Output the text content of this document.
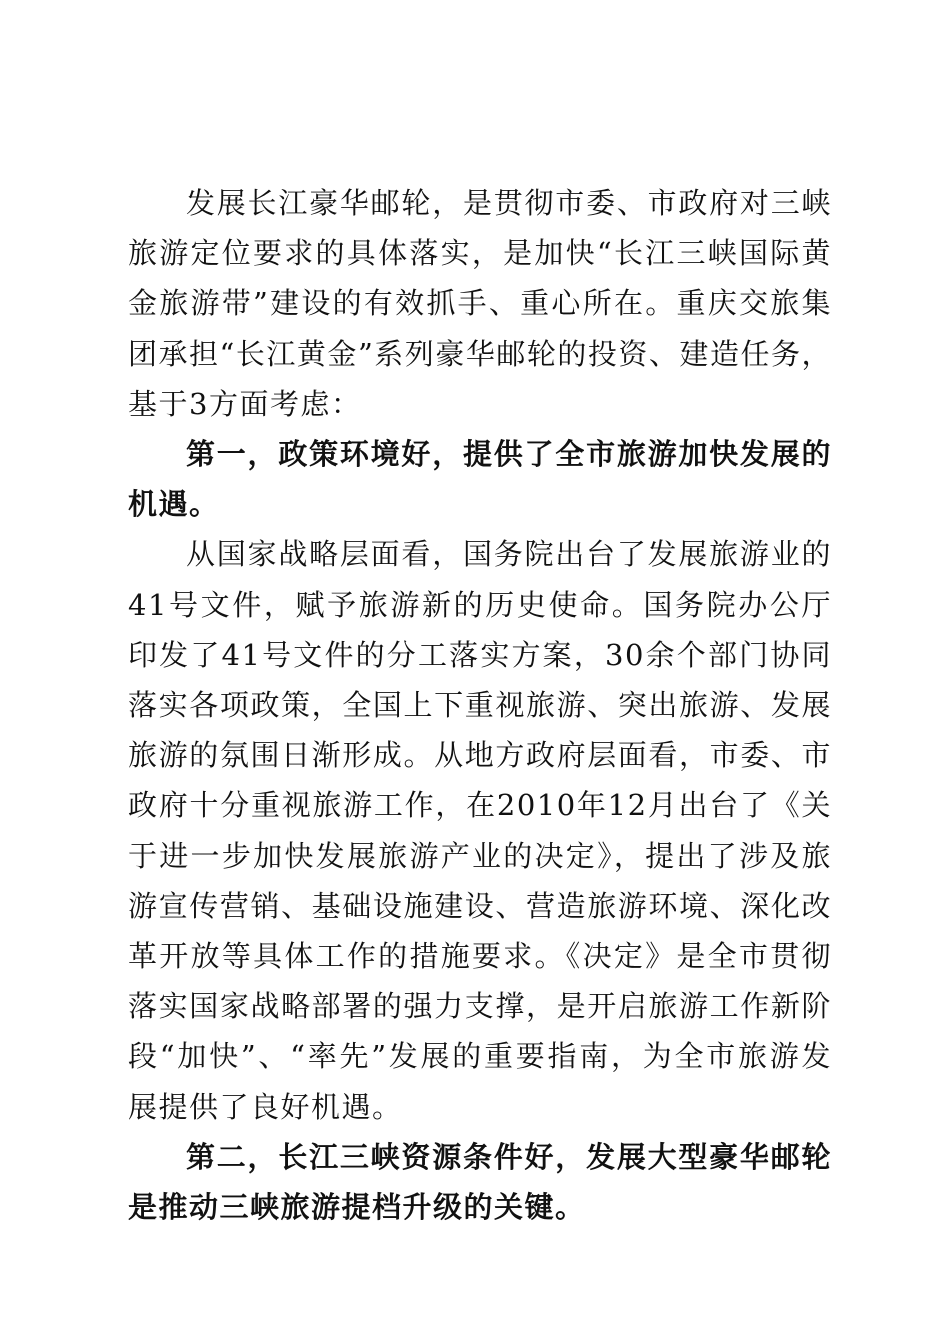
发展长江豪华邮轮，是贯彻市委、市政府对三峡旅游定位要求的具体落实，是加快“长江三峡国际黄金旅游带”建设的有效抓手、重心所在。重庆交旅集团承担“长江黄金”系列豪华邮轮的投资、建造任务，基于3方面考虑：

第一，政策环境好，提供了全市旅游加快发展的机遇。

从国家战略层面看，国务院出台了发展旅游业的41号文件，赋予旅游新的历史使命。国务院办公厅印发了41号文件的分工落实方案，30余个部门协同落实各项政策，全国上下重视旅游、突出旅游、发展旅游的氛围日渐形成。从地方政府层面看，市委、市政府十分重视旅游工作，在2010年12月出台了《关于进一步加快发展旅游产业的决定》，提出了涉及旅游宣传营销、基础设施建设、营造旅游环境、深化改革开放等具体工作的措施要求。《决定》是全市贯彻落实国家战略部署的强力支撑，是开启旅游工作新阶段“加快”、“率先”发展的重要指南，为全市旅游发展提供了良好机遇。

第二，长江三峡资源条件好，发展大型豪华邮轮是推动三峡旅游提档升级的关键。
